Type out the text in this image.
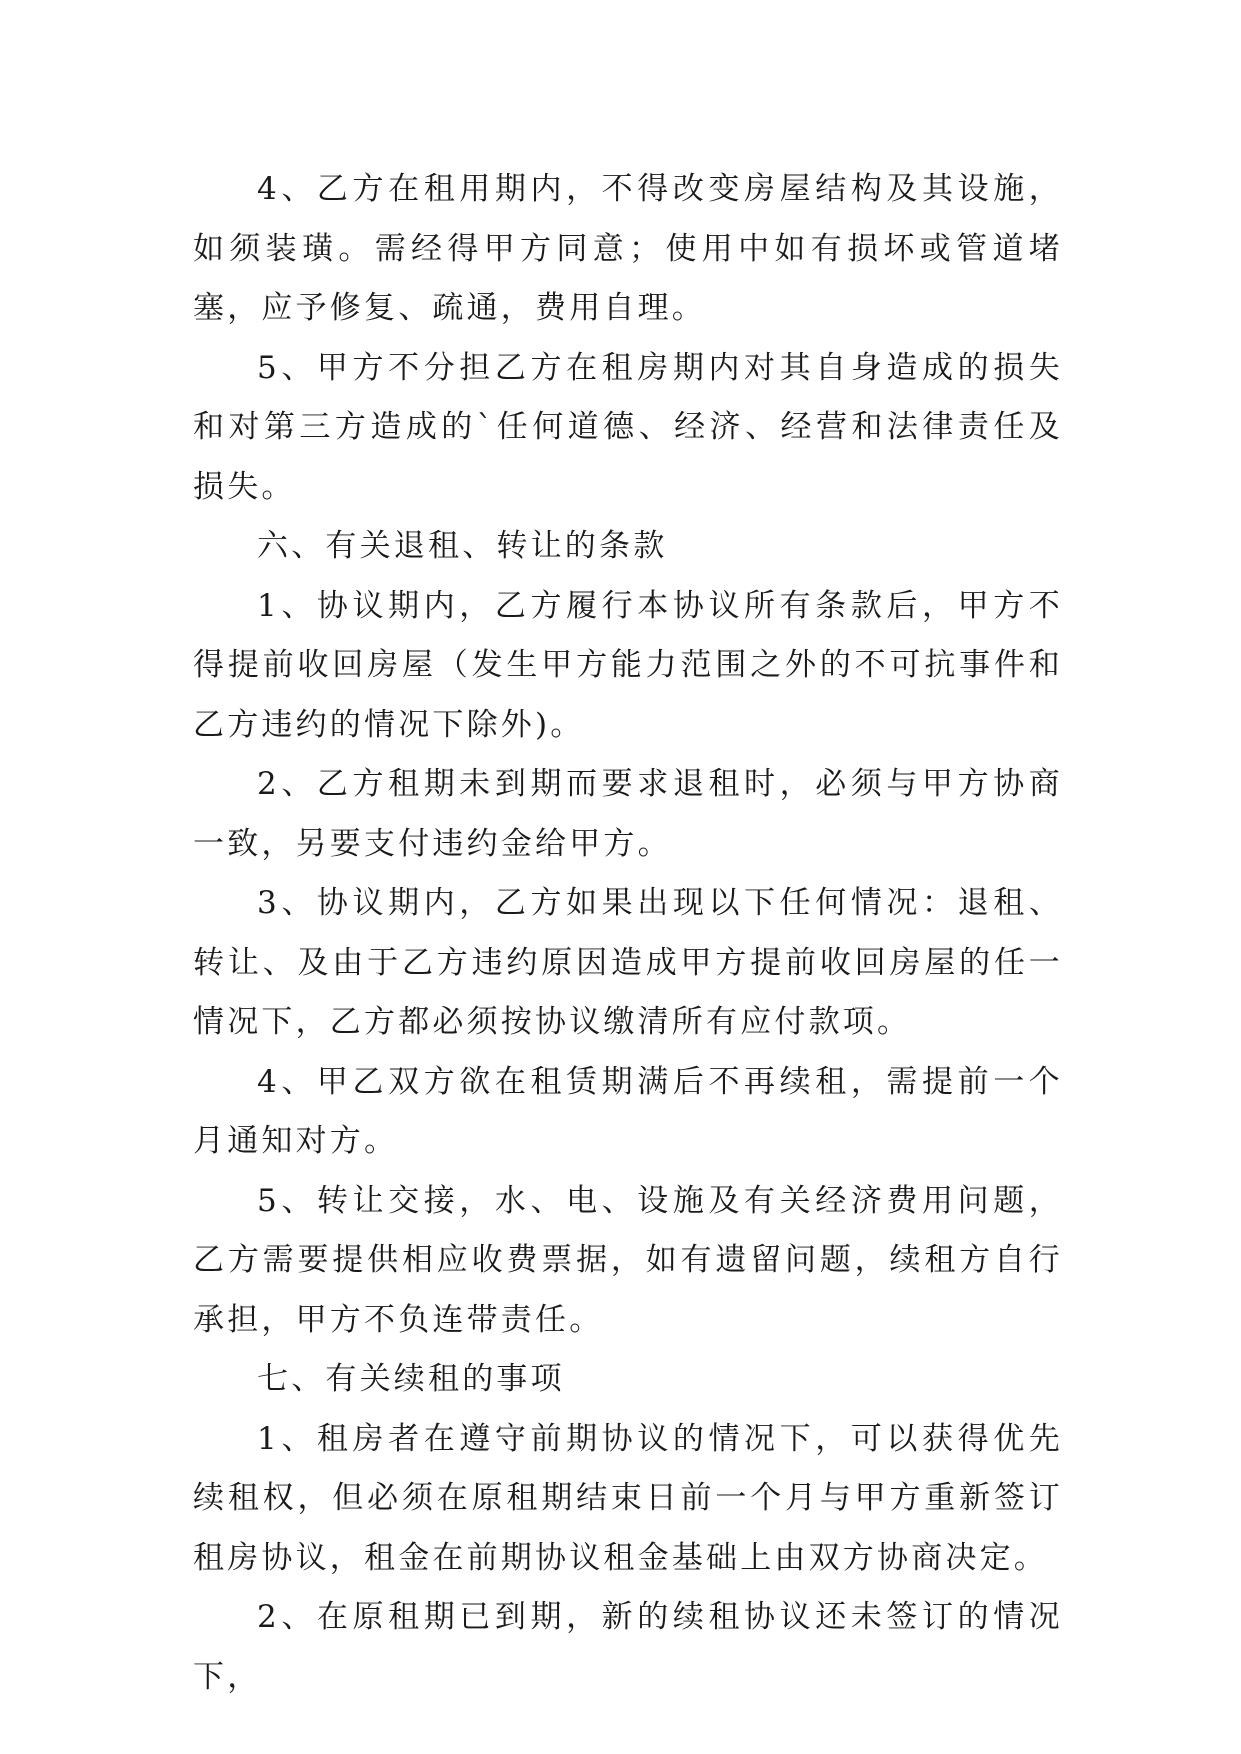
4、乙方在租用期内，不得改变房屋结构及其设施，如须装璜。需经得甲方同意；使用中如有损坏或管道堵塞，应予修复、疏通，费用自理。

5、甲方不分担乙方在租房期内对其自身造成的损失和对第三方造成的`任何道德、经济、经营和法律责任及损失。

六、有关退租、转让的条款

1、协议期内，乙方履行本协议所有条款后，甲方不得提前收回房屋（发生甲方能力范围之外的不可抗事件和乙方违约的情况下除外)。

2、乙方租期未到期而要求退租时，必须与甲方协商一致，另要支付违约金给甲方。

3、协议期内，乙方如果出现以下任何情况：退租、转让、及由于乙方违约原因造成甲方提前收回房屋的任一情况下，乙方都必须按协议缴清所有应付款项。

4、甲乙双方欲在租赁期满后不再续租，需提前一个月通知对方。

5、转让交接，水、电、设施及有关经济费用问题，乙方需要提供相应收费票据，如有遗留问题，续租方自行承担，甲方不负连带责任。

七、有关续租的事项

1、租房者在遵守前期协议的情况下，可以获得优先续租权，但必须在原租期结束日前一个月与甲方重新签订租房协议，租金在前期协议租金基础上由双方协商决定。

2、在原租期已到期，新的续租协议还未签订的情况下，
